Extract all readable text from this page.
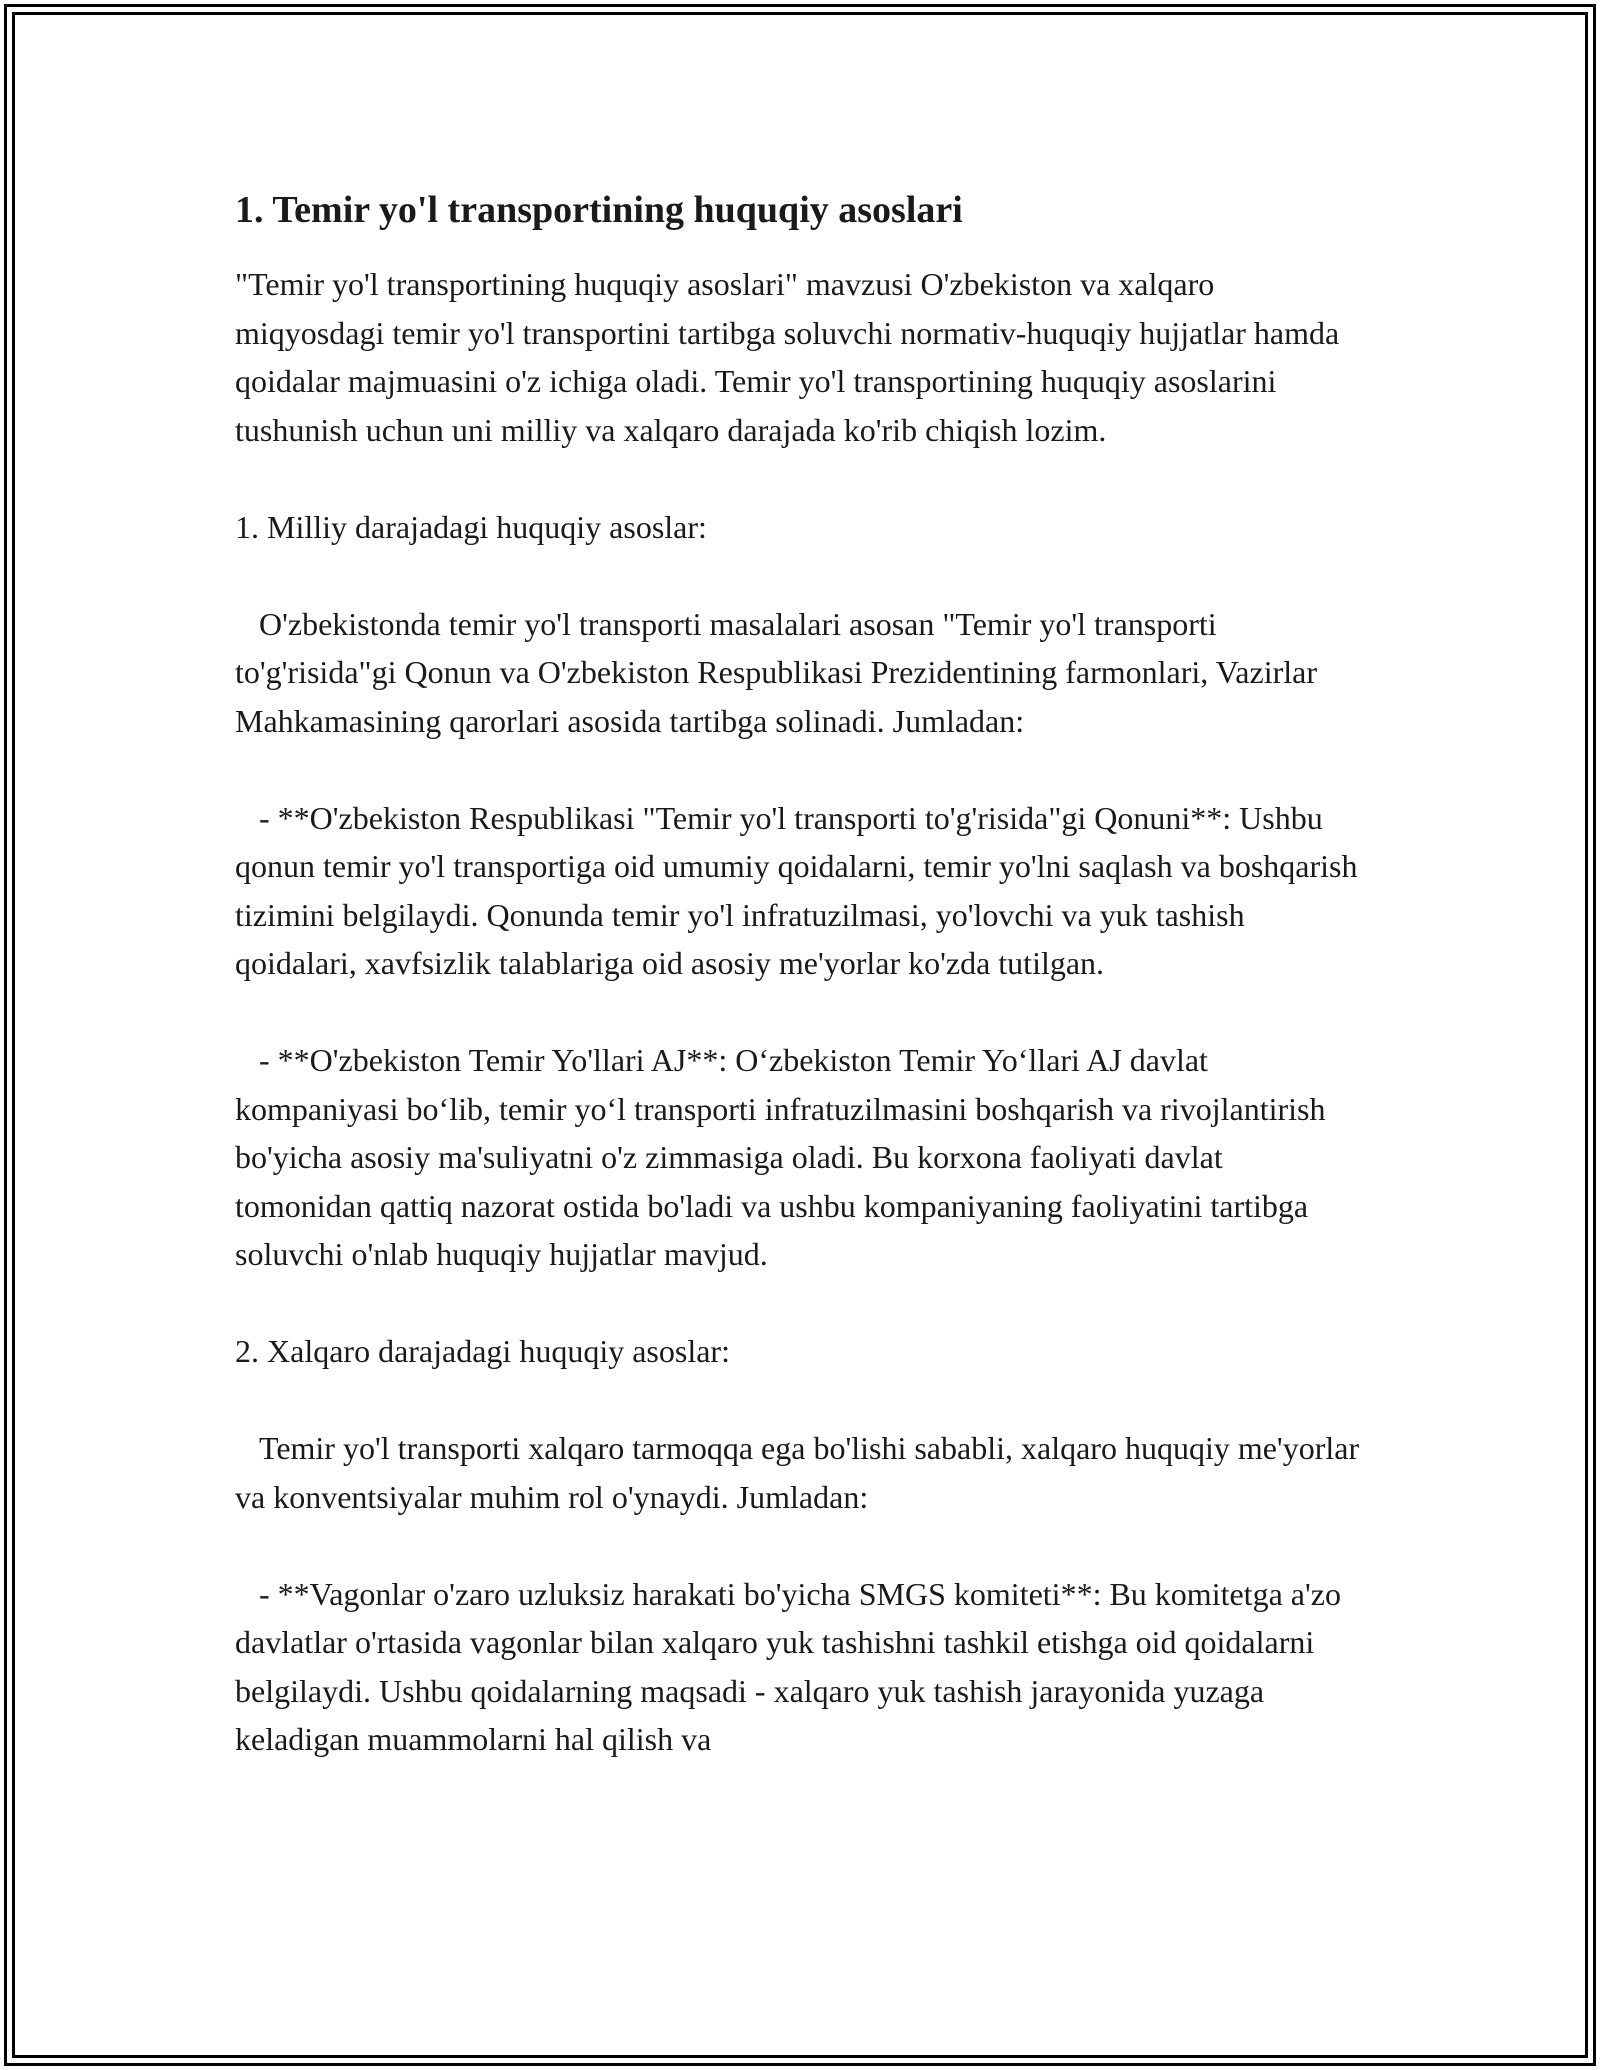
1. Temir yo'l transportining huquqiy asoslari

"Temir yo'l transportining huquqiy asoslari" mavzusi O'zbekiston va xalqaro miqyosdagi temir yo'l transportini tartibga soluvchi normativ-huquqiy hujjatlar hamda qoidalar majmuasini o'z ichiga oladi. Temir yo'l transportining huquqiy asoslarini tushunish uchun uni milliy va xalqaro darajada ko'rib chiqish lozim.

1. Milliy darajadagi huquqiy asoslar:

O'zbekistonda temir yo'l transporti masalalari asosan "Temir yo'l transporti to'g'risida"gi Qonun va O'zbekiston Respublikasi Prezidentining farmonlari, Vazirlar Mahkamasining qarorlari asosida tartibga solinadi. Jumladan:

- **O'zbekiston Respublikasi "Temir yo'l transporti to'g'risida"gi Qonuni**: Ushbu qonun temir yo'l transportiga oid umumiy qoidalarni, temir yo'lni saqlash va boshqarish tizimini belgilaydi. Qonunda temir yo'l infratuzilmasi, yo'lovchi va yuk tashish qoidalari, xavfsizlik talablariga oid asosiy me'yorlar ko'zda tutilgan.

- **O'zbekiston Temir Yo'llari AJ**: O‘zbekiston Temir Yo‘llari AJ davlat kompaniyasi bo‘lib, temir yo‘l transporti infratuzilmasini boshqarish va rivojlantirish bo'yicha asosiy ma'suliyatni o'z zimmasiga oladi. Bu korxona faoliyati davlat tomonidan qattiq nazorat ostida bo'ladi va ushbu kompaniyaning faoliyatini tartibga soluvchi o'nlab huquqiy hujjatlar mavjud.

2. Xalqaro darajadagi huquqiy asoslar:

Temir yo'l transporti xalqaro tarmoqqa ega bo'lishi sababli, xalqaro huquqiy me'yorlar va konventsiyalar muhim rol o'ynaydi. Jumladan:

- **Vagonlar o'zaro uzluksiz harakati bo'yicha SMGS komiteti**: Bu komitetga a'zo davlatlar o'rtasida vagonlar bilan xalqaro yuk tashishni tashkil etishga oid qoidalarni belgilaydi. Ushbu qoidalarning maqsadi - xalqaro yuk tashish jarayonida yuzaga keladigan muammolarni hal qilish va
